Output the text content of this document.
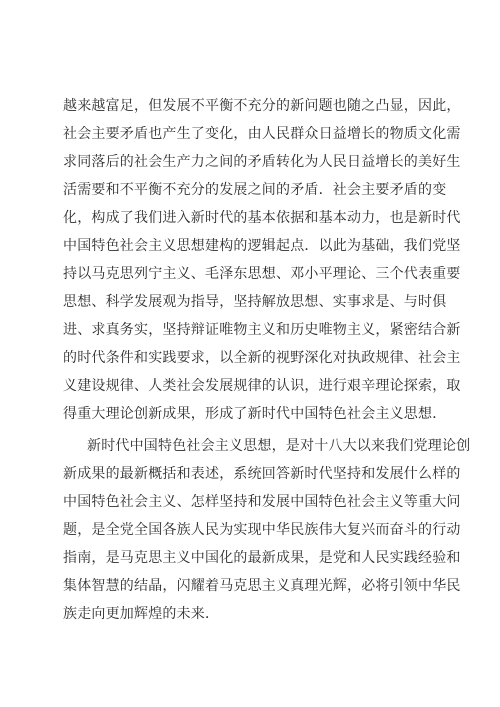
越来越富足，但发展不平衡不充分的新问题也随之凸显，因此，
社会主要矛盾也产生了变化，由人民群众日益增长的物质文化需
求同落后的社会生产力之间的矛盾转化为人民日益增长的美好生
活需要和不平衡不充分的发展之间的矛盾．社会主要矛盾的变
化，构成了我们进入新时代的基本依据和基本动力，也是新时代
中国特色社会主义思想建构的逻辑起点．以此为基础，我们党坚
持以马克思列宁主义、毛泽东思想、邓小平理论、三个代表重要
思想、科学发展观为指导，坚持解放思想、实事求是、与时俱
进、求真务实，坚持辩证唯物主义和历史唯物主义，紧密结合新
的时代条件和实践要求，以全新的视野深化对执政规律、社会主
义建设规律、人类社会发展规律的认识，进行艰辛理论探索，取
得重大理论创新成果，形成了新时代中国特色社会主义思想．
新时代中国特色社会主义思想，是对十八大以来我们党理论创
新成果的最新概括和表述，系统回答新时代坚持和发展什么样的
中国特色社会主义、怎样坚持和发展中国特色社会主义等重大问
题，是全党全国各族人民为实现中华民族伟大复兴而奋斗的行动
指南，是马克思主义中国化的最新成果，是党和人民实践经验和
集体智慧的结晶，闪耀着马克思主义真理光辉，必将引领中华民
族走向更加辉煌的未来．
